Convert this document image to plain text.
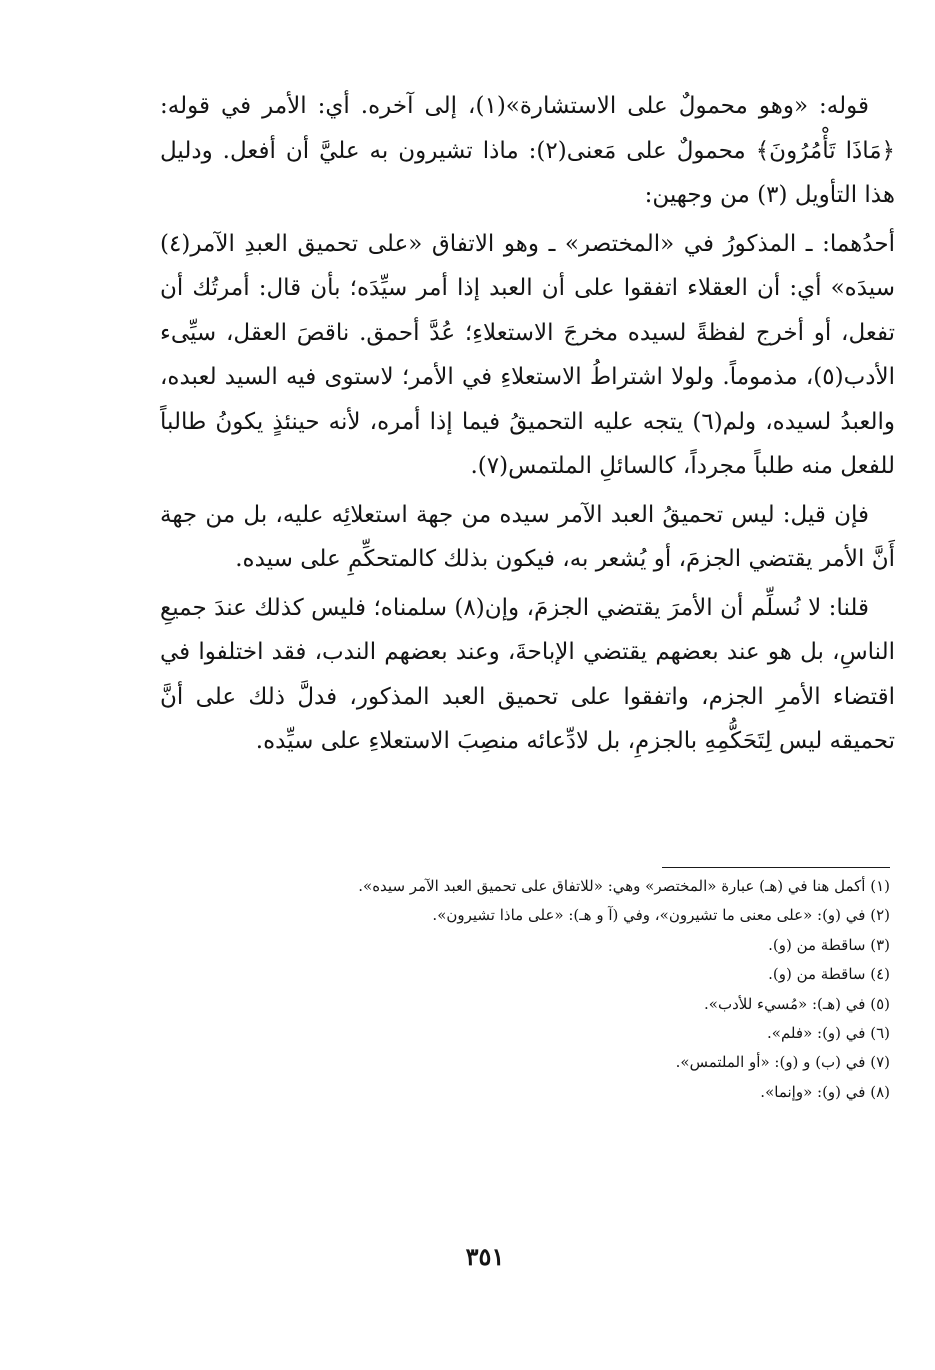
قوله: «وهو محمولٌ على الاستشارة»(١)، إلى آخره. أي: الأمر في قوله: ﴿مَاذَا تَأْمُرُونَ﴾ محمولٌ على مَعنى(٢): ماذا تشيرون به عليَّ أن أفعل. ودليل هذا التأويل (٣) من وجهين:

أحدُهما: ـ المذكورُ في «المختصر» ـ وهو الاتفاق «على تحميق العبدِ الآمر(٤) سيدَه» أي: أن العقلاء اتفقوا على أن العبد إذا أمر سيِّدَه؛ بأن قال: أمرتُك أن تفعل، أو أخرج لفظةً لسيده مخرجَ الاستعلاءِ؛ عُدَّ أحمق. ناقصَ العقل، سيِّىء الأدب(٥)، مذموماً. ولولا اشتراطُ الاستعلاءِ في الأمر؛ لاستوى فيه السيد لعبده، والعبدُ لسيده، ولم(٦) يتجه عليه التحميقُ فيما إذا أمره، لأنه حينئذٍ يكونُ طالباً للفعل منه طلباً مجرداً، كالسائلِ الملتمس(٧).

فإن قيل: ليس تحميقُ العبد الآمر سيده من جهة استعلائِه عليه، بل من جهة أَنَّ الأمر يقتضي الجزمَ، أو يُشعر به، فيكون بذلك كالمتحكِّمِ على سيده.

قلنا: لا نُسلِّم أن الأمرَ يقتضي الجزمَ، وإن(٨) سلمناه؛ فليس كذلك عندَ جميعِ الناسِ، بل هو عند بعضهم يقتضي الإباحةَ، وعند بعضهم الندب، فقد اختلفوا في اقتضاء الأمرِ الجزم، واتفقوا على تحميق العبد المذكور، فدلَّ ذلك على أنَّ تحميقه ليس لِتَحَكُّمِهِ بالجزمِ، بل لادِّعائه منصِبَ الاستعلاءِ على سيِّده.

(١) أكمل هنا في (هـ) عبارة «المختصر» وهي: «للاتفاق على تحميق العبد الآمر سيده».
(٢) في (و): «على معنى ما تشيرون»، وفي (آ و هـ): «على ماذا تشيرون».
(٣) ساقطة من (و).
(٤) ساقطة من (و).
(٥) في (هـ): «مُسيء للأدب».
(٦) في (و): «فلم».
(٧) في (ب) و (و): «أو الملتمس».
(٨) في (و): «وإنما».
٣٥١
